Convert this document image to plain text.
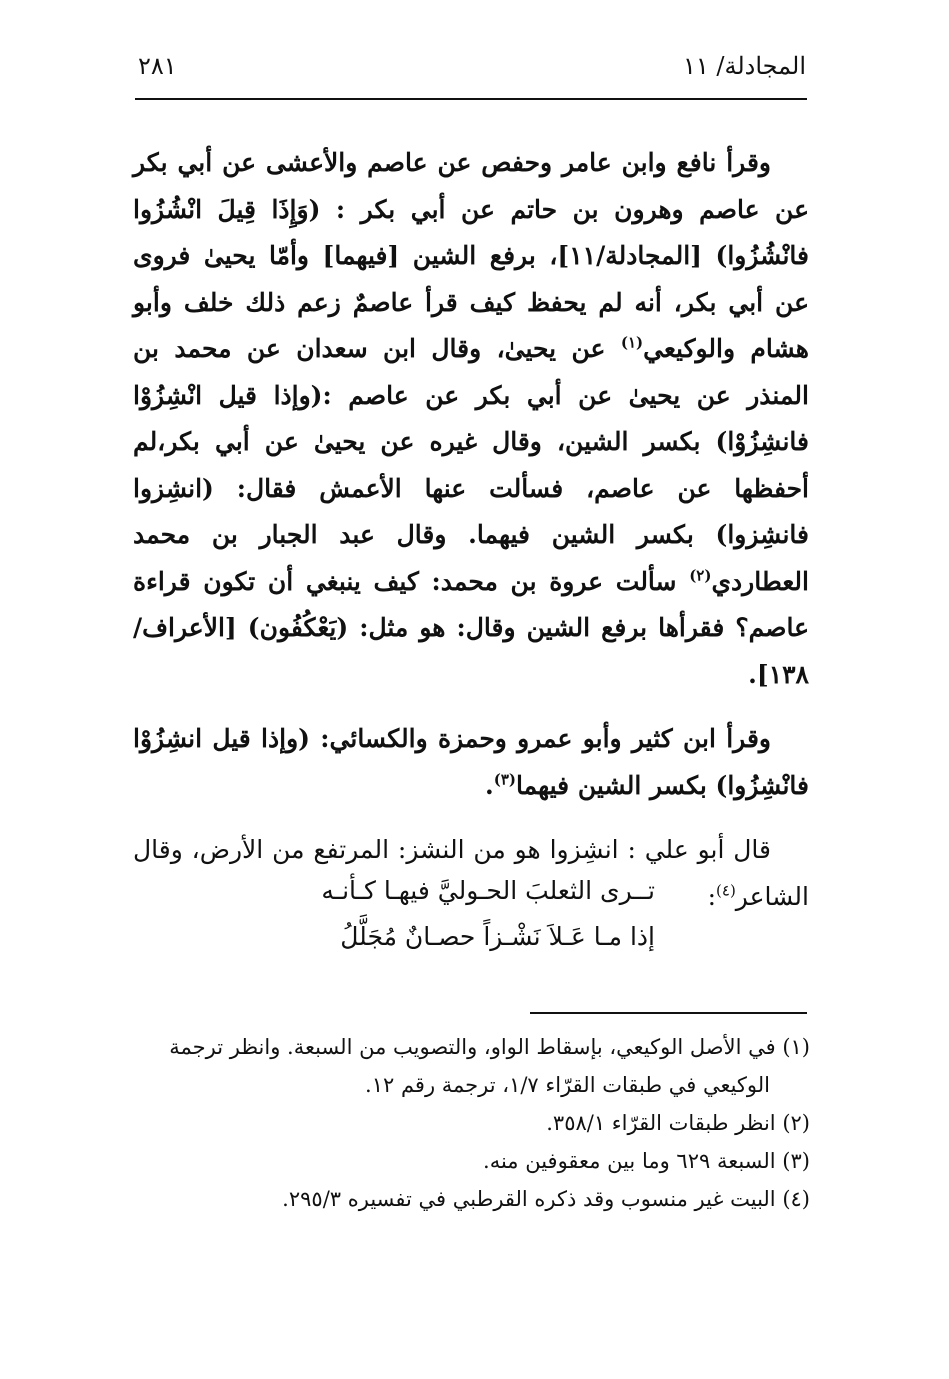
المجادلة/ ١١
٢٨١

وقرأ نافع وابن عامر وحفص عن عاصم والأعشى عن أبي بكر عن عاصم وهرون بن حاتم عن أبي بكر : (وَإِذَا قِيلَ انْشُزُوا فانْشُزُوا) [المجادلة/١١]، برفع الشين [فيهما] وأمّا يحيىٰ فروى عن أبي بكر، أنه لم يحفظ كيف قرأ عاصمٌ زعم ذلك خلف وأبو هشام والوكيعي$^{(١)}$ عن يحيىٰ، وقال ابن سعدان عن محمد بن المنذر عن يحيىٰ عن أبي بكر عن عاصم :(وإذا قيل انْشِزُوْا فانشِزُوْا) بكسر الشين، وقال غيره عن يحيىٰ عن أبي بكر،لم أحفظها عن عاصم، فسألت عنها الأعمش فقال: (انشِزوا فانشِزوا) بكسر الشين فيهما. وقال عبد الجبار بن محمد العطاردي$^{(٢)}$ سألت عروة بن محمد: كيف ينبغي أن تكون قراءة عاصم؟ فقرأها برفع الشين وقال: هو مثل: (يَعْكُفُون) [الأعراف/١٣٨].

وقرأ ابن كثير وأبو عمرو وحمزة والكسائي: (وإذا قيل انشِزُوْا فانْشِزُوا) بكسر الشين فيهما$^{(٣)}$.

قال أبو علي : انشِزوا هو من النشز: المرتفع من الأرض، وقال الشاعر$^{(٤)}$:

تــرى الثعلبَ الحـوليَّ فيهـا كـأنـه
إذا مـا عَـلاَ نَشْـزاً حصـانٌ مُجَلَّلُ

(١) في الأصل الوكيعي، بإسقاط الواو، والتصويب من السبعة. وانظر ترجمة
الوكيعي في طبقات القرّاء ١/٧، ترجمة رقم ١٢.

(٢) انظر طبقات القرّاء ٣٥٨/١.

(٣) السبعة ٦٢٩ وما بين معقوفين منه.

(٤) البيت غير منسوب وقد ذكره القرطبي في تفسيره ٢٩٥/٣.
